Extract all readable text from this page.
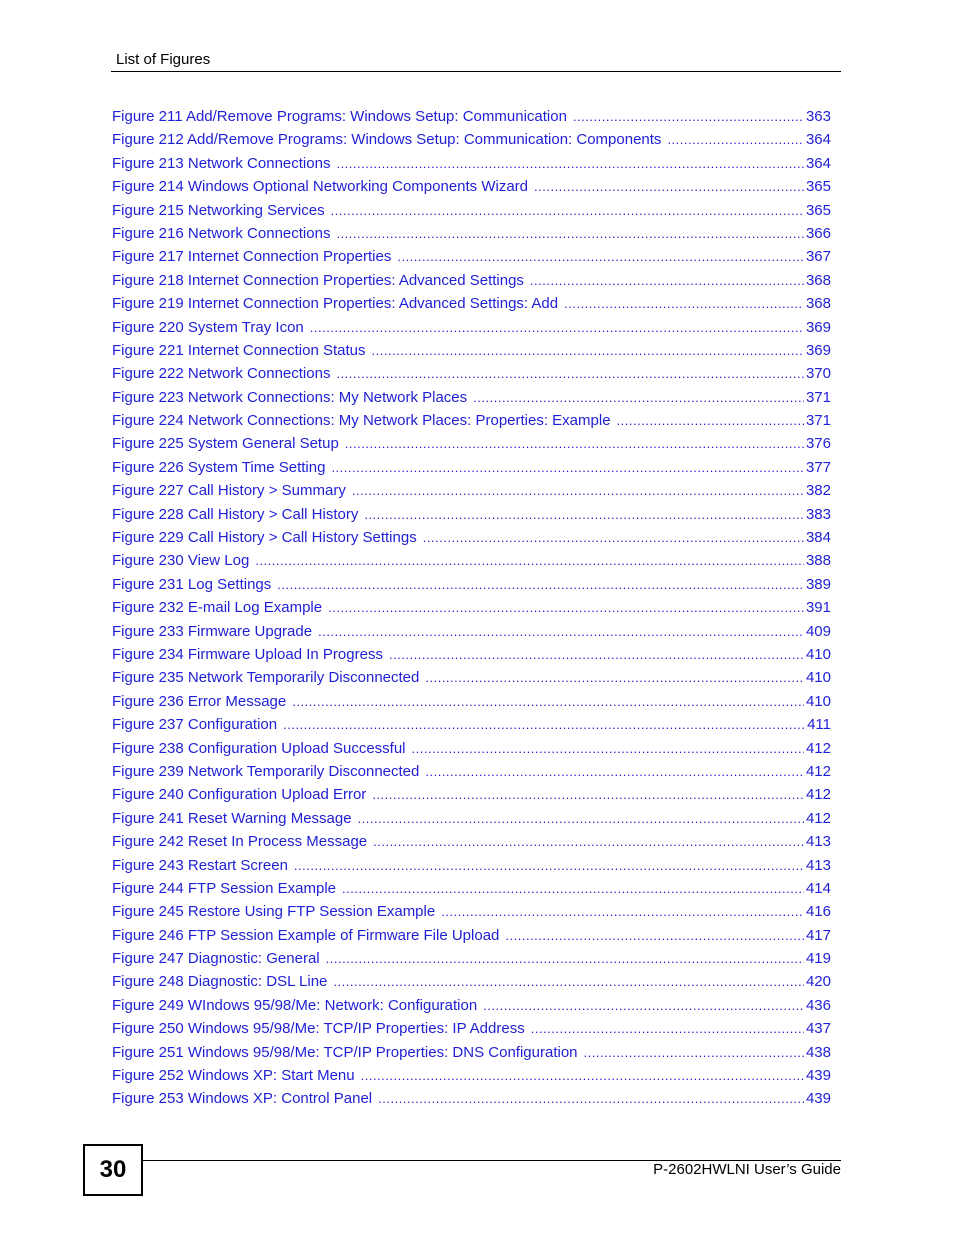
List of Figures
Figure 211 Add/Remove Programs: Windows Setup: Communication .....	363
Figure 212 Add/Remove Programs: Windows Setup: Communication: Components .....	364
Figure 213 Network Connections .....	364
Figure 214 Windows Optional Networking Components Wizard .....	365
Figure 215 Networking Services .....	365
Figure 216 Network Connections .....	366
Figure 217 Internet Connection Properties .....	367
Figure 218 Internet Connection Properties: Advanced Settings .....	368
Figure 219 Internet Connection Properties: Advanced Settings: Add .....	368
Figure 220 System Tray Icon .....	369
Figure 221 Internet Connection Status .....	369
Figure 222 Network Connections .....	370
Figure 223 Network Connections: My Network Places .....	371
Figure 224 Network Connections: My Network Places: Properties: Example .....	371
Figure 225 System General Setup .....	376
Figure 226 System Time Setting .....	377
Figure 227 Call History > Summary .....	382
Figure 228 Call History > Call History .....	383
Figure 229 Call History > Call History Settings .....	384
Figure 230 View Log .....	388
Figure 231 Log Settings .....	389
Figure 232 E-mail Log Example .....	391
Figure 233 Firmware Upgrade .....	409
Figure 234 Firmware Upload In Progress .....	410
Figure 235 Network Temporarily Disconnected .....	410
Figure 236 Error Message .....	410
Figure 237 Configuration .....	411
Figure 238 Configuration Upload Successful .....	412
Figure 239 Network Temporarily Disconnected .....	412
Figure 240 Configuration Upload Error .....	412
Figure 241 Reset Warning Message .....	412
Figure 242 Reset In Process Message .....	413
Figure 243 Restart Screen .....	413
Figure 244 FTP Session Example .....	414
Figure 245 Restore Using FTP Session Example .....	416
Figure 246 FTP Session Example of Firmware File Upload .....	417
Figure 247 Diagnostic: General .....	419
Figure 248 Diagnostic: DSL Line .....	420
Figure 249 WIndows 95/98/Me: Network: Configuration .....	436
Figure 250 Windows 95/98/Me: TCP/IP Properties: IP Address .....	437
Figure 251 Windows 95/98/Me: TCP/IP Properties: DNS Configuration .....	438
Figure 252 Windows XP: Start Menu .....	439
Figure 253 Windows XP: Control Panel .....	439
30	P-2602HWLNI User’s Guide
